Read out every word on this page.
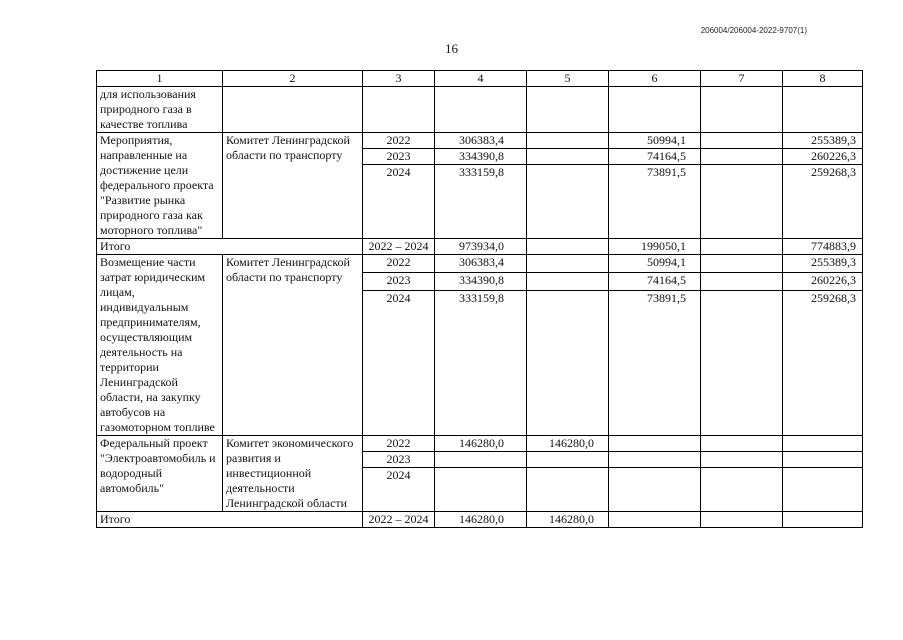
206004/206004-2022-9707(1)
16
1	2	3	4	5	6	7	8
для использования природного газа в качестве топлива							
Мероприятия, направленные на достижение цели федерального проекта "Развитие рынка природного газа как моторного топлива"	Комитет Ленинградской области по транспорту	2022	306383,4		50994,1		255389,3
		2023	334390,8		74164,5		260226,3
		2024	333159,8		73891,5		259268,3
Итого		2022 – 2024	973934,0		199050,1		774883,9
Возмещение части затрат юридическим лицам, индивидуальным предпринимателям, осуществляющим деятельность на территории Ленинградской области, на закупку автобусов на газомоторном топливе	Комитет Ленинградской области по транспорту	2022	306383,4		50994,1		255389,3
		2023	334390,8		74164,5		260226,3
		2024	333159,8		73891,5		259268,3
Федеральный проект "Электроавтомобиль и водородный автомобиль"	Комитет экономического развития и инвестиционной деятельности Ленинградской области	2022	146280,0	146280,0			
		2023					
		2024					
Итого		2022 – 2024	146280,0	146280,0			
